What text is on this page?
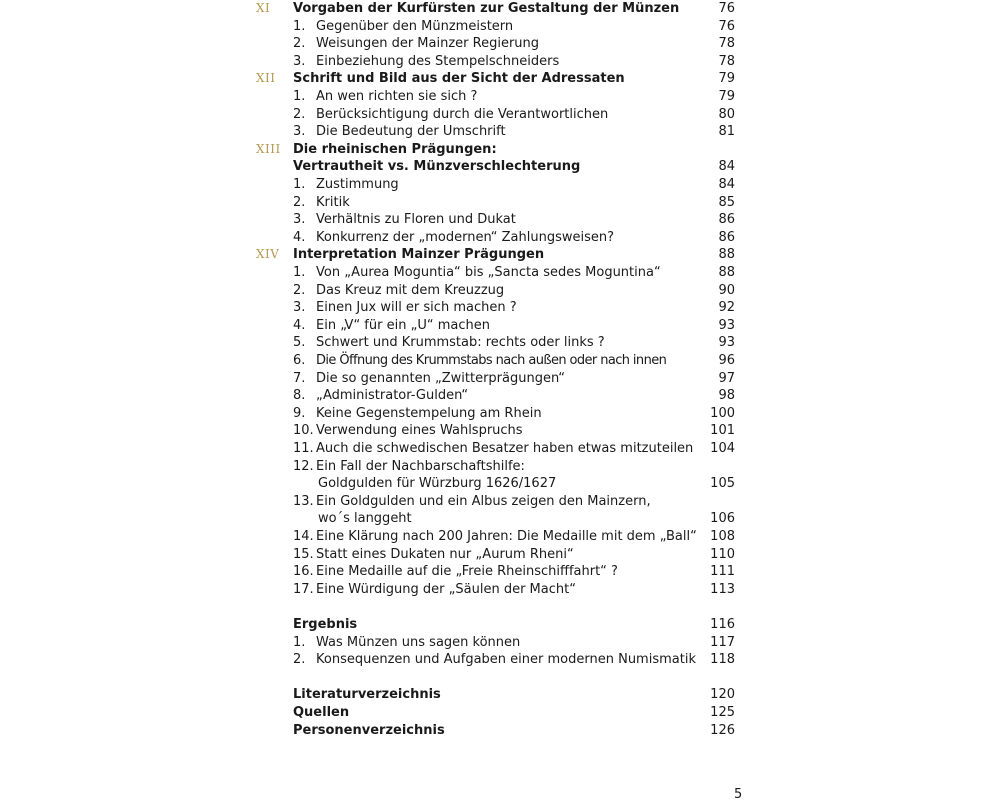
XI Vorgaben der Kurfürsten zur Gestaltung der Münzen	76
1. Gegenüber den Münzmeistern	76
2. Weisungen der Mainzer Regierung	78
3. Einbeziehung des Stempelschneiders	78
XII Schrift und Bild aus der Sicht der Adressaten	79
1. An wen richten sie sich ?	79
2. Berücksichtigung durch die Verantwortlichen	80
3. Die Bedeutung der Umschrift	81
XIII Die rheinischen Prägungen:
Vertrautheit vs. Münzverschlechterung	84
1. Zustimmung	84
2. Kritik	85
3. Verhältnis zu Floren und Dukat	86
4. Konkurrenz der „modernen“ Zahlungsweisen?	86
XIV Interpretation Mainzer Prägungen	88
1. Von „Aurea Moguntia“ bis „Sancta sedes Moguntina“	88
2. Das Kreuz mit dem Kreuzzug	90
3. Einen Jux will er sich machen ?	92
4. Ein „V“ für ein „U“ machen	93
5. Schwert und Krummstab: rechts oder links ?	93
6. Die Öffnung des Krummstabs nach außen oder nach innen	96
7. Die so genannten „Zwitterprägungen“	97
8. „Administrator-Gulden“	98
9. Keine Gegenstempelung am Rhein	100
10. Verwendung eines Wahlspruchs	101
11. Auch die schwedischen Besatzer haben etwas mitzuteilen 104
12. Ein Fall der Nachbarschaftshilfe:
Goldgulden für Würzburg 1626/1627	105
13. Ein Goldgulden und ein Albus zeigen den Mainzern,
wo´s langgeht	106
14. Eine Klärung nach 200 Jahren: Die Medaille mit dem „Ball“ 108
15. Statt eines Dukaten nur „Aurum Rheni“	110
16. Eine Medaille auf die „Freie Rheinschifffahrt“ ?	111
17. Eine Würdigung der „Säulen der Macht“	113
Ergebnis	116
1. Was Münzen uns sagen können	117
2. Konsequenzen und Aufgaben einer modernen Numismatik 118
Literaturverzeichnis	120
Quellen	125
Personenverzeichnis	126
5
